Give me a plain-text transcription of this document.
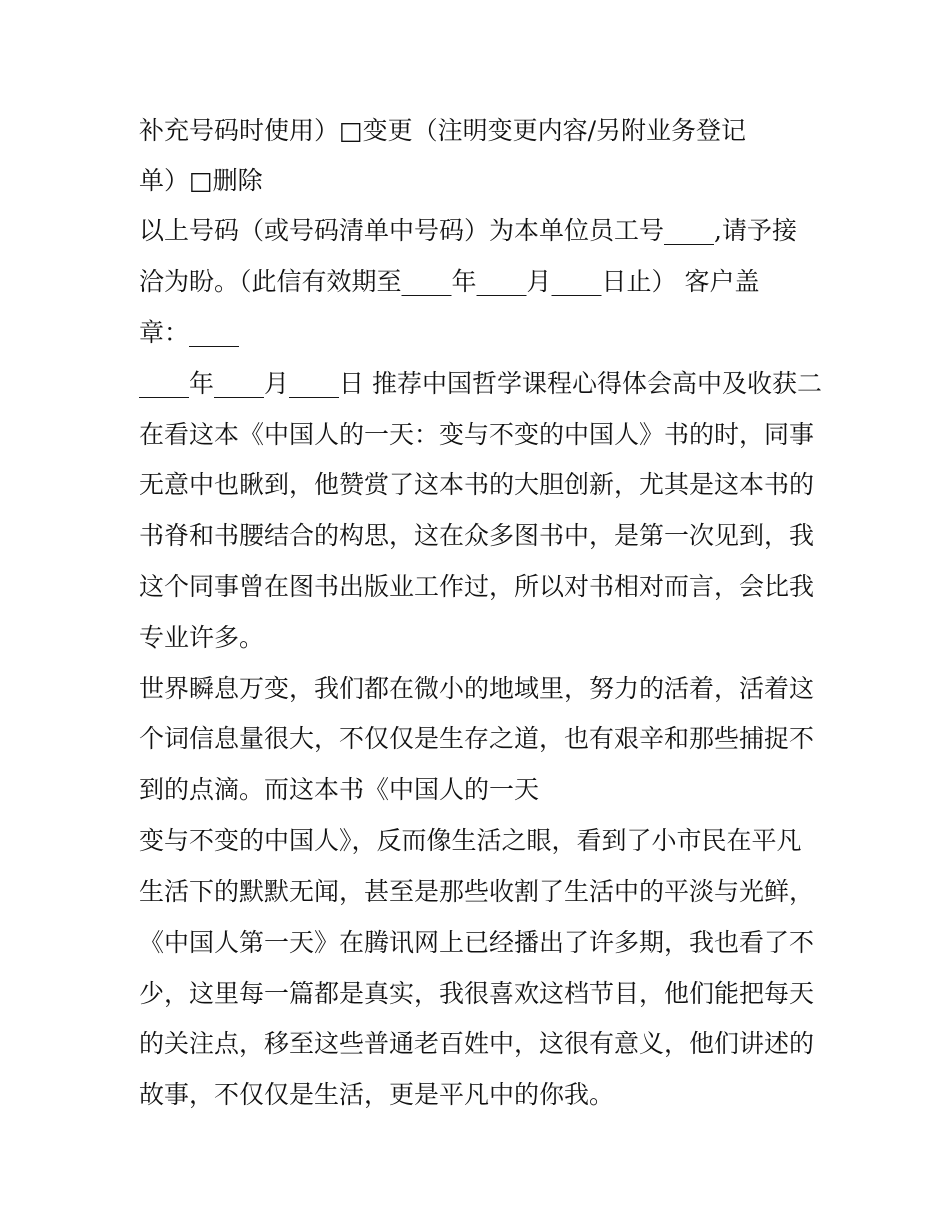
补充号码时使用）□变更（注明变更内容/另附业务登记
单）□删除
以上号码（或号码清单中号码）为本单位员工号____,请予接
洽为盼。（此信有效期至____年____月____日止） 客户盖
章：____
____年____月____日 推荐中国哲学课程心得体会高中及收获二
在看这本《中国人的一天：变与不变的中国人》书的时，同事
无意中也瞅到，他赞赏了这本书的大胆创新，尤其是这本书的
书脊和书腰结合的构思，这在众多图书中，是第一次见到，我
这个同事曾在图书出版业工作过，所以对书相对而言，会比我
专业许多。
世界瞬息万变，我们都在微小的地域里，努力的活着，活着这
个词信息量很大，不仅仅是生存之道，也有艰辛和那些捕捉不
到的点滴。而这本书《中国人的一天
变与不变的中国人》，反而像生活之眼，看到了小市民在平凡
生活下的默默无闻，甚至是那些收割了生活中的平淡与光鲜，
《中国人第一天》在腾讯网上已经播出了许多期，我也看了不
少，这里每一篇都是真实，我很喜欢这档节目，他们能把每天
的关注点，移至这些普通老百姓中，这很有意义，他们讲述的
故事，不仅仅是生活，更是平凡中的你我。
